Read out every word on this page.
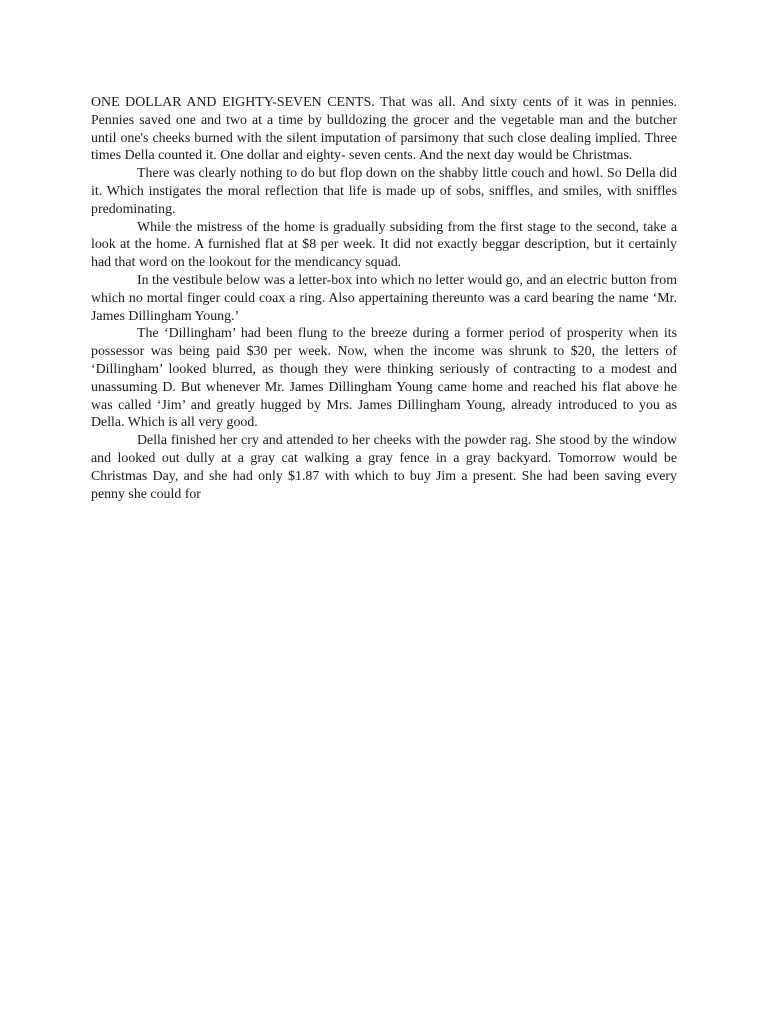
ONE DOLLAR AND EIGHTY-SEVEN CENTS. That was all. And sixty cents of it was in pennies. Pennies saved one and two at a time by bulldozing the grocer and the vegetable man and the butcher until one's cheeks burned with the silent imputation of parsimony that such close dealing implied. Three times Della counted it. One dollar and eighty- seven cents. And the next day would be Christmas.

There was clearly nothing to do but flop down on the shabby little couch and howl. So Della did it. Which instigates the moral reflection that life is made up of sobs, sniffles, and smiles, with sniffles predominating.

While the mistress of the home is gradually subsiding from the first stage to the second, take a look at the home. A furnished flat at $8 per week. It did not exactly beggar description, but it certainly had that word on the lookout for the mendicancy squad.

In the vestibule below was a letter-box into which no letter would go, and an electric button from which no mortal finger could coax a ring. Also appertaining thereunto was a card bearing the name ‘Mr. James Dillingham Young.’

The ‘Dillingham’ had been flung to the breeze during a former period of prosperity when its possessor was being paid $30 per week. Now, when the income was shrunk to $20, the letters of ‘Dillingham’ looked blurred, as though they were thinking seriously of contracting to a modest and unassuming D. But whenever Mr. James Dillingham Young came home and reached his flat above he was called ‘Jim’ and greatly hugged by Mrs. James Dillingham Young, already introduced to you as Della. Which is all very good.

Della finished her cry and attended to her cheeks with the powder rag. She stood by the window and looked out dully at a gray cat walking a gray fence in a gray backyard. Tomorrow would be Christmas Day, and she had only $1.87 with which to buy Jim a present. She had been saving every penny she could for
